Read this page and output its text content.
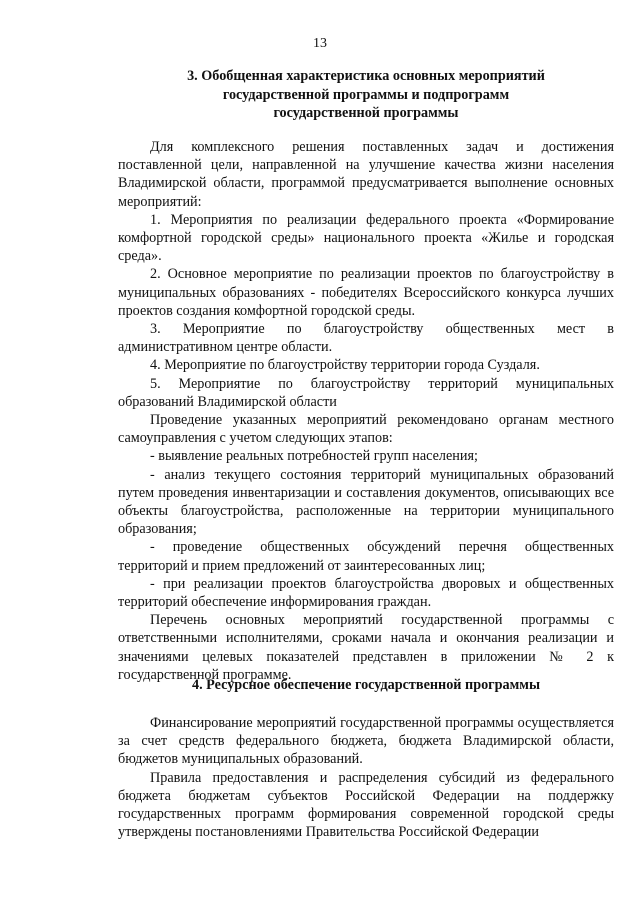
13
3. Обобщенная характеристика основных мероприятий
государственной программы и подпрограмм
государственной программы

Для комплексного решения поставленных задач и достижения поставленной цели, направленной на улучшение качества жизни населения Владимирской области, программой предусматривается выполнение основных мероприятий:

1. Мероприятия по реализации федерального проекта «Формирование комфортной городской среды» национального проекта «Жилье и городская среда».

2. Основное мероприятие по реализации проектов по благоустройству в муниципальных образованиях - победителях Всероссийского конкурса лучших проектов создания комфортной городской среды.

3. Мероприятие по благоустройству общественных мест в административном центре области.

4. Мероприятие по благоустройству территории города Суздаля.

5. Мероприятие по благоустройству территорий муниципальных образований Владимирской области

Проведение указанных мероприятий рекомендовано органам местного самоуправления с учетом следующих этапов:

- выявление реальных потребностей групп населения;

- анализ текущего состояния территорий муниципальных образований путем проведения инвентаризации и составления документов, описывающих все объекты благоустройства, расположенные на территории муниципального образования;

- проведение общественных обсуждений перечня общественных территорий и прием предложений от заинтересованных лиц;

- при реализации проектов благоустройства дворовых и общественных территорий обеспечение информирования граждан.

Перечень основных мероприятий государственной программы с ответственными исполнителями, сроками начала и окончания реализации и значениями целевых показателей представлен в приложении № 2 к государственной программе.

4. Ресурсное обеспечение государственной программы

Финансирование мероприятий государственной программы осуществляется за счет средств федерального бюджета, бюджета Владимирской области, бюджетов муниципальных образований.

Правила предоставления и распределения субсидий из федерального бюджета бюджетам субъектов Российской Федерации на поддержку государственных программ формирования современной городской среды утверждены постановлениями Правительства Российской Федерации
